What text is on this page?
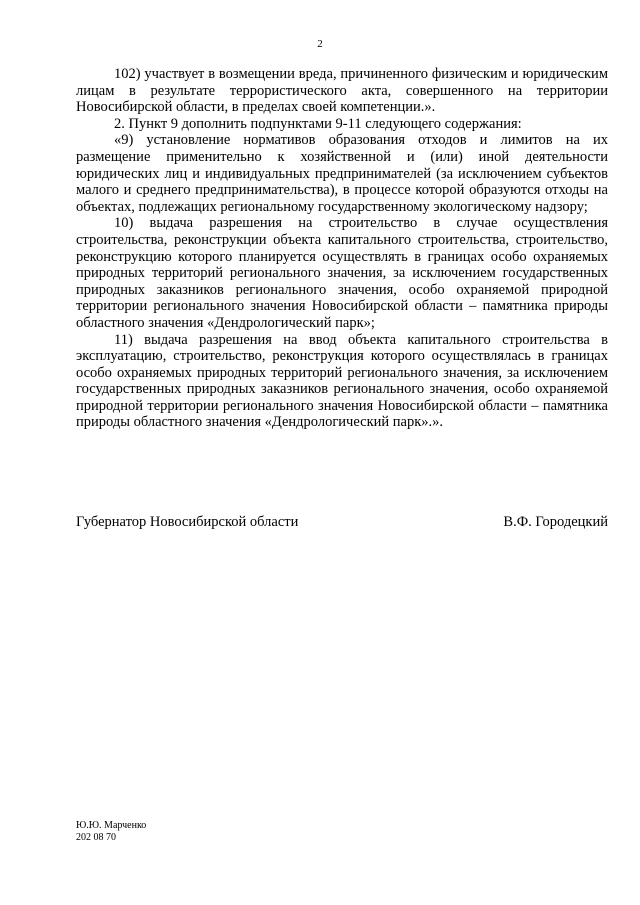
2

102) участвует в возмещении вреда, причиненного физическим и юридическим лицам в результате террористического акта, совершенного на территории Новосибирской области, в пределах своей компетенции.».

2. Пункт 9 дополнить подпунктами 9-11 следующего содержания:

«9) установление нормативов образования отходов и лимитов на их размещение применительно к хозяйственной и (или) иной деятельности юридических лиц и индивидуальных предпринимателей (за исключением субъектов малого и среднего предпринимательства), в процессе которой образуются отходы на объектах, подлежащих региональному государственному экологическому надзору;

10) выдача разрешения на строительство в случае осуществления строительства, реконструкции объекта капитального строительства, строительство, реконструкцию которого планируется осуществлять в границах особо охраняемых природных территорий регионального значения, за исключением государственных природных заказников регионального значения, особо охраняемой природной территории регионального значения Новосибирской области – памятника природы областного значения «Дендрологический парк»;

11) выдача разрешения на ввод объекта капитального строительства в эксплуатацию, строительство, реконструкция которого осуществлялась в границах особо охраняемых природных территорий регионального значения, за исключением государственных природных заказников регионального значения, особо охраняемой природной территории регионального значения Новосибирской области – памятника природы областного значения «Дендрологический парк».».

Губернатор Новосибирской области	В.Ф. Городецкий
Ю.Ю. Марченко
202 08 70
